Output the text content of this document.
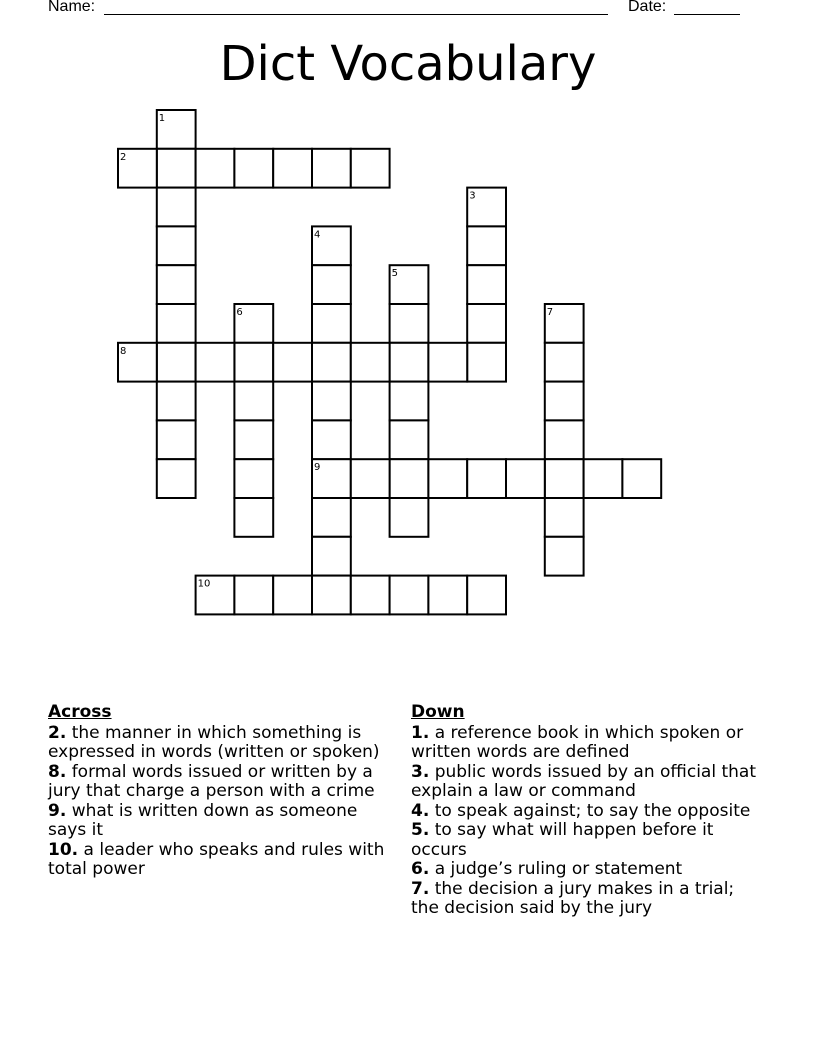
Name:	Date:
Dict Vocabulary
1
2
3
4
5
6	7
8
9
10
Across
2. the manner in which something is expressed in words (written or spoken)
8. formal words issued or written by a jury that charge a person with a crime
9. what is written down as someone says it
10. a leader who speaks and rules with total power
Down
1. a reference book in which spoken or written words are defined
3. public words issued by an official that explain a law or command
4. to speak against; to say the opposite
5. to say what will happen before it occurs
6. a judge’s ruling or statement
7. the decision a jury makes in a trial; the decision said by the jury
